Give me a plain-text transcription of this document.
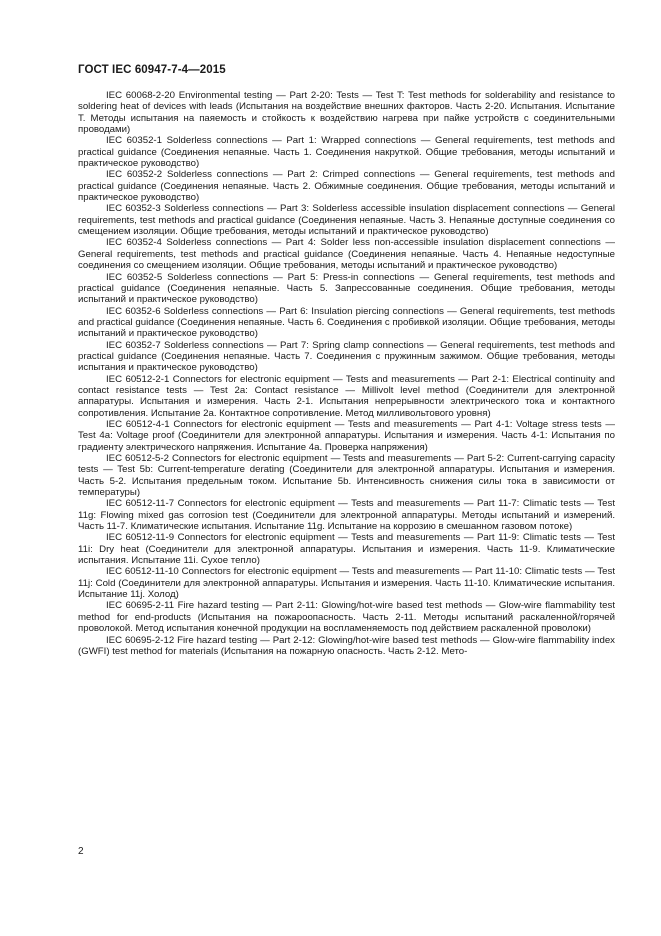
ГОСТ IEC 60947-7-4—2015

IEC 60068-2-20 Environmental testing — Part 2-20: Tests — Test T: Test methods for solderability and resistance to soldering heat of devices with leads (Испытания на воздействие внешних факторов. Часть 2-20. Испытания. Испытание Т. Методы испытания на паяемость и стойкость к воздействию нагрева при пайке устройств с соединительными проводами)

IEC 60352-1 Solderless connections — Part 1: Wrapped connections — General requirements, test methods and practical guidance (Соединения непаяные. Часть 1. Соединения накруткой. Общие требования, методы испытаний и практическое руководство)

IEC 60352-2 Solderless connections — Part 2: Crimped connections — General requirements, test methods and practical guidance (Соединения непаяные. Часть 2. Обжимные соединения. Общие требования, методы испытаний и практическое руководство)

IEC 60352-3 Solderless connections — Part 3: Solderless accessible insulation displacement connections — General requirements, test methods and practical guidance (Соединения непаяные. Часть 3. Непаяные доступные соединения со смещением изоляции. Общие требования, методы испытаний и практическое руководство)

IEC 60352-4 Solderless connections — Part 4: Solder less non-accessible insulation displacement connections — General requirements, test methods and practical guidance (Соединения непаяные. Часть 4. Непаяные недоступные соединения со смещением изоляции. Общие требования, методы испытаний и практическое руководство)

IEC 60352-5 Solderless connections — Part 5: Press-in connections — General requirements, test methods and practical guidance (Соединения непаяные. Часть 5. Запрессованные соединения. Общие требования, методы испытаний и практическое руководство)

IEC 60352-6 Solderless connections — Part 6: Insulation piercing connections — General requirements, test methods and practical guidance (Соединения непаяные. Часть 6. Соединения с пробивкой изоляции. Общие требования, методы испытаний и практическое руководство)

IEC 60352-7 Solderless connections — Part 7: Spring clamp connections — General requirements, test methods and practical guidance (Соединения непаяные. Часть 7. Соединения с пружинным зажимом. Общие требования, методы испытания и практическое руководство)

IEC 60512-2-1 Connectors for electronic equipment — Tests and measurements — Part 2-1: Electrical continuity and contact resistance tests — Test 2a: Contact resistance — Millivolt level method (Соединители для электронной аппаратуры. Испытания и измерения. Часть 2-1. Испытания непрерывности электрического тока и контактного сопротивления. Испытание 2а. Контактное сопротивление. Метод милливольтового уровня)

IEC 60512-4-1 Connectors for electronic equipment — Tests and measurements — Part 4-1: Voltage stress tests — Test 4a: Voltage proof (Соединители для электронной аппаратуры. Испытания и измерения. Часть 4-1: Испытания по градиенту электрического напряжения. Испытание 4а. Проверка напряжения)

IEC 60512-5-2 Connectors for electronic equipment — Tests and measurements — Part 5-2: Current-carrying capacity tests — Test 5b: Current-temperature derating (Соединители для электронной аппаратуры. Испытания и измерения. Часть 5-2. Испытания предельным током. Испытание 5b. Интенсивность снижения силы тока в зависимости от температуры)

IEC 60512-11-7 Connectors for electronic equipment — Tests and measurements — Part 11-7: Climatic tests — Test 11g: Flowing mixed gas corrosion test (Соединители для электронной аппаратуры. Методы испытаний и измерений. Часть 11-7. Климатические испытания. Испытание 11g. Испытание на коррозию в смешанном газовом потоке)

IEC 60512-11-9 Connectors for electronic equipment — Tests and measurements — Part 11-9: Climatic tests — Test 11i: Dry heat (Соединители для электронной аппаратуры. Испытания и измерения. Часть 11-9. Климатические испытания. Испытание 11i. Сухое тепло)

IEC 60512-11-10 Connectors for electronic equipment — Tests and measurements — Part 11-10: Climatic tests — Test 11j: Cold (Соединители для электронной аппаратуры. Испытания и измерения. Часть 11-10. Климатические испытания. Испытание 11j. Холод)

IEC 60695-2-11 Fire hazard testing — Part 2-11: Glowing/hot-wire based test methods — Glow-wire flammability test method for end-products (Испытания на пожароопасность. Часть 2-11. Методы испытаний раскаленной/горячей проволокой. Метод испытания конечной продукции на воспламеняемость под действием раскаленной проволоки)

IEC 60695-2-12 Fire hazard testing — Part 2-12: Glowing/hot-wire based test methods — Glow-wire flammability index (GWFI) test method for materials (Испытания на пожарную опасность. Часть 2-12. Мето-

2
